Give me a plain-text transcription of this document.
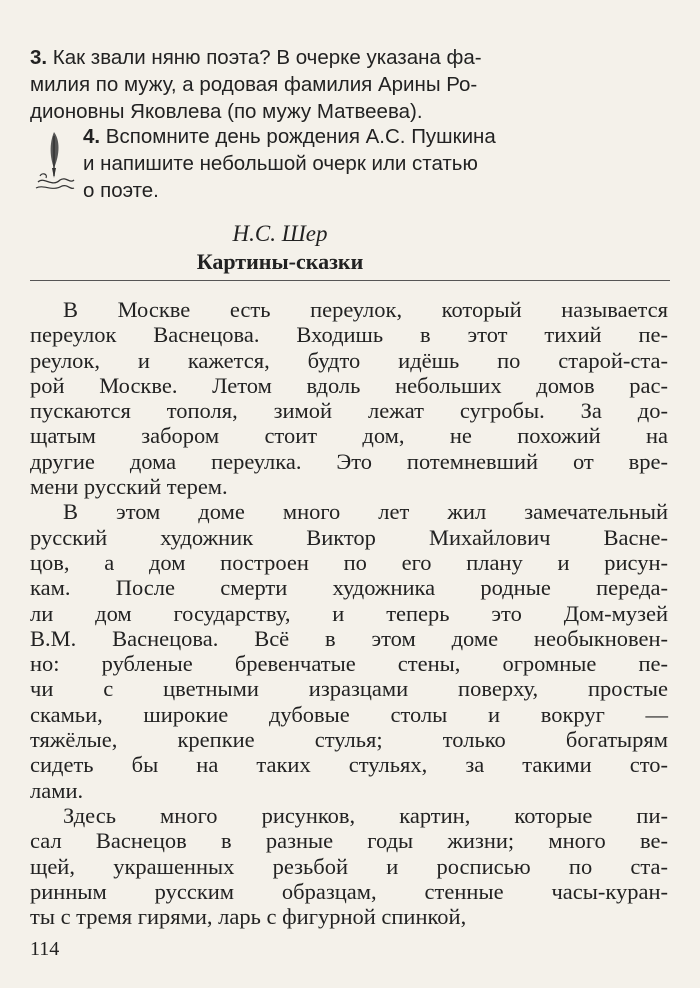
3. Как звали няню поэта? В очерке указана фа-
милия по мужу, а родовая фамилия Арины Ро-
дионовны Яковлева (по мужу Матвеева).
4. Вспомните день рождения А.С. Пушкина
и напишите небольшой очерк или статью
о поэте.
Н.С. Шер
Картины-сказки
В Москве есть переулок, который называется
переулок Васнецова. Входишь в этот тихий пе-
реулок, и кажется, будто идёшь по старой-ста-
рой Москве. Летом вдоль небольших домов рас-
пускаются тополя, зимой лежат сугробы. За до-
щатым забором стоит дом, не похожий на
другие дома переулка. Это потемневший от вре-
мени русский терем.
В этом доме много лет жил замечательный
русский художник Виктор Михайлович Васне-
цов, а дом построен по его плану и рисун-
кам. После смерти художника родные переда-
ли дом государству, и теперь это Дом-музей
В.М. Васнецова. Всё в этом доме необыкновен-
но: рубленые бревенчатые стены, огромные пе-
чи с цветными изразцами поверху, простые
скамьи, широкие дубовые столы и вокруг —
тяжёлые, крепкие стулья; только богатырям
сидеть бы на таких стульях, за такими сто-
лами.
Здесь много рисунков, картин, которые пи-
сал Васнецов в разные годы жизни; много ве-
щей, украшенных резьбой и росписью по ста-
ринным русским образцам, стенные часы-куран-
ты с тремя гирями, ларь с фигурной спинкой,
114
